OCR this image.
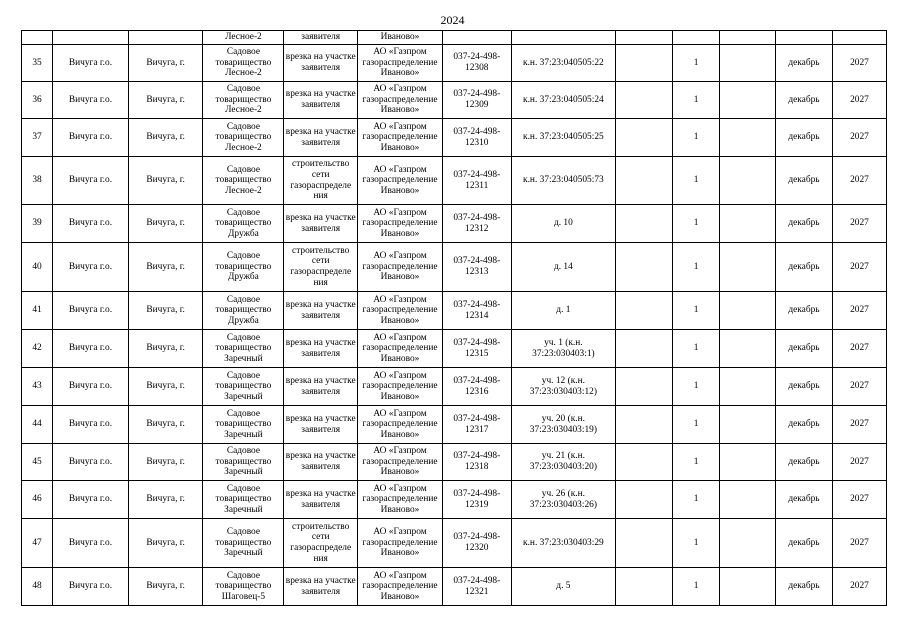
2024
			Лесное-2	заявителя	Иваново»							
35	Вичуга г.о.	Вичуга, г.	Садовое товарищество Лесное-2	врезка на участке заявителя	АО «Газпром газораспределение Иваново»	037-24-498-12308	к.н. 37:23:040505:22		1		декабрь	2027
36	Вичуга г.о.	Вичуга, г.	Садовое товарищество Лесное-2	врезка на участке заявителя	АО «Газпром газораспределение Иваново»	037-24-498-12309	к.н. 37:23:040505:24		1		декабрь	2027
37	Вичуга г.о.	Вичуга, г.	Садовое товарищество Лесное-2	врезка на участке заявителя	АО «Газпром газораспределение Иваново»	037-24-498-12310	к.н. 37:23:040505:25		1		декабрь	2027
38	Вичуга г.о.	Вичуга, г.	Садовое товарищество Лесное-2	строительство сети газораспределе ния	АО «Газпром газораспределение Иваново»	037-24-498-12311	к.н. 37:23:040505:73		1		декабрь	2027
39	Вичуга г.о.	Вичуга, г.	Садовое товарищество Дружба	врезка на участке заявителя	АО «Газпром газораспределение Иваново»	037-24-498-12312	д. 10		1		декабрь	2027
40	Вичуга г.о.	Вичуга, г.	Садовое товарищество Дружба	строительство сети газораспределе ния	АО «Газпром газораспределение Иваново»	037-24-498-12313	д. 14		1		декабрь	2027
41	Вичуга г.о.	Вичуга, г.	Садовое товарищество Дружба	врезка на участке заявителя	АО «Газпром газораспределение Иваново»	037-24-498-12314	д. 1		1		декабрь	2027
42	Вичуга г.о.	Вичуга, г.	Садовое товарищество Заречный	врезка на участке заявителя	АО «Газпром газораспределение Иваново»	037-24-498-12315	уч. 1 (к.н. 37:23:030403:1)		1		декабрь	2027
43	Вичуга г.о.	Вичуга, г.	Садовое товарищество Заречный	врезка на участке заявителя	АО «Газпром газораспределение Иваново»	037-24-498-12316	уч. 12 (к.н. 37:23:030403:12)		1		декабрь	2027
44	Вичуга г.о.	Вичуга, г.	Садовое товарищество Заречный	врезка на участке заявителя	АО «Газпром газораспределение Иваново»	037-24-498-12317	уч. 20 (к.н. 37:23:030403:19)		1		декабрь	2027
45	Вичуга г.о.	Вичуга, г.	Садовое товарищество Заречный	врезка на участке заявителя	АО «Газпром газораспределение Иваново»	037-24-498-12318	уч. 21 (к.н. 37:23:030403:20)		1		декабрь	2027
46	Вичуга г.о.	Вичуга, г.	Садовое товарищество Заречный	врезка на участке заявителя	АО «Газпром газораспределение Иваново»	037-24-498-12319	уч. 26 (к.н. 37:23:030403:26)		1		декабрь	2027
47	Вичуга г.о.	Вичуга, г.	Садовое товарищество Заречный	строительство сети газораспределе ния	АО «Газпром газораспределение Иваново»	037-24-498-12320	к.н. 37:23:030403:29		1		декабрь	2027
48	Вичуга г.о.	Вичуга, г.	Садовое товарищество Шаговец-5	врезка на участке заявителя	АО «Газпром газораспределение Иваново»	037-24-498-12321	д. 5		1		декабрь	2027
